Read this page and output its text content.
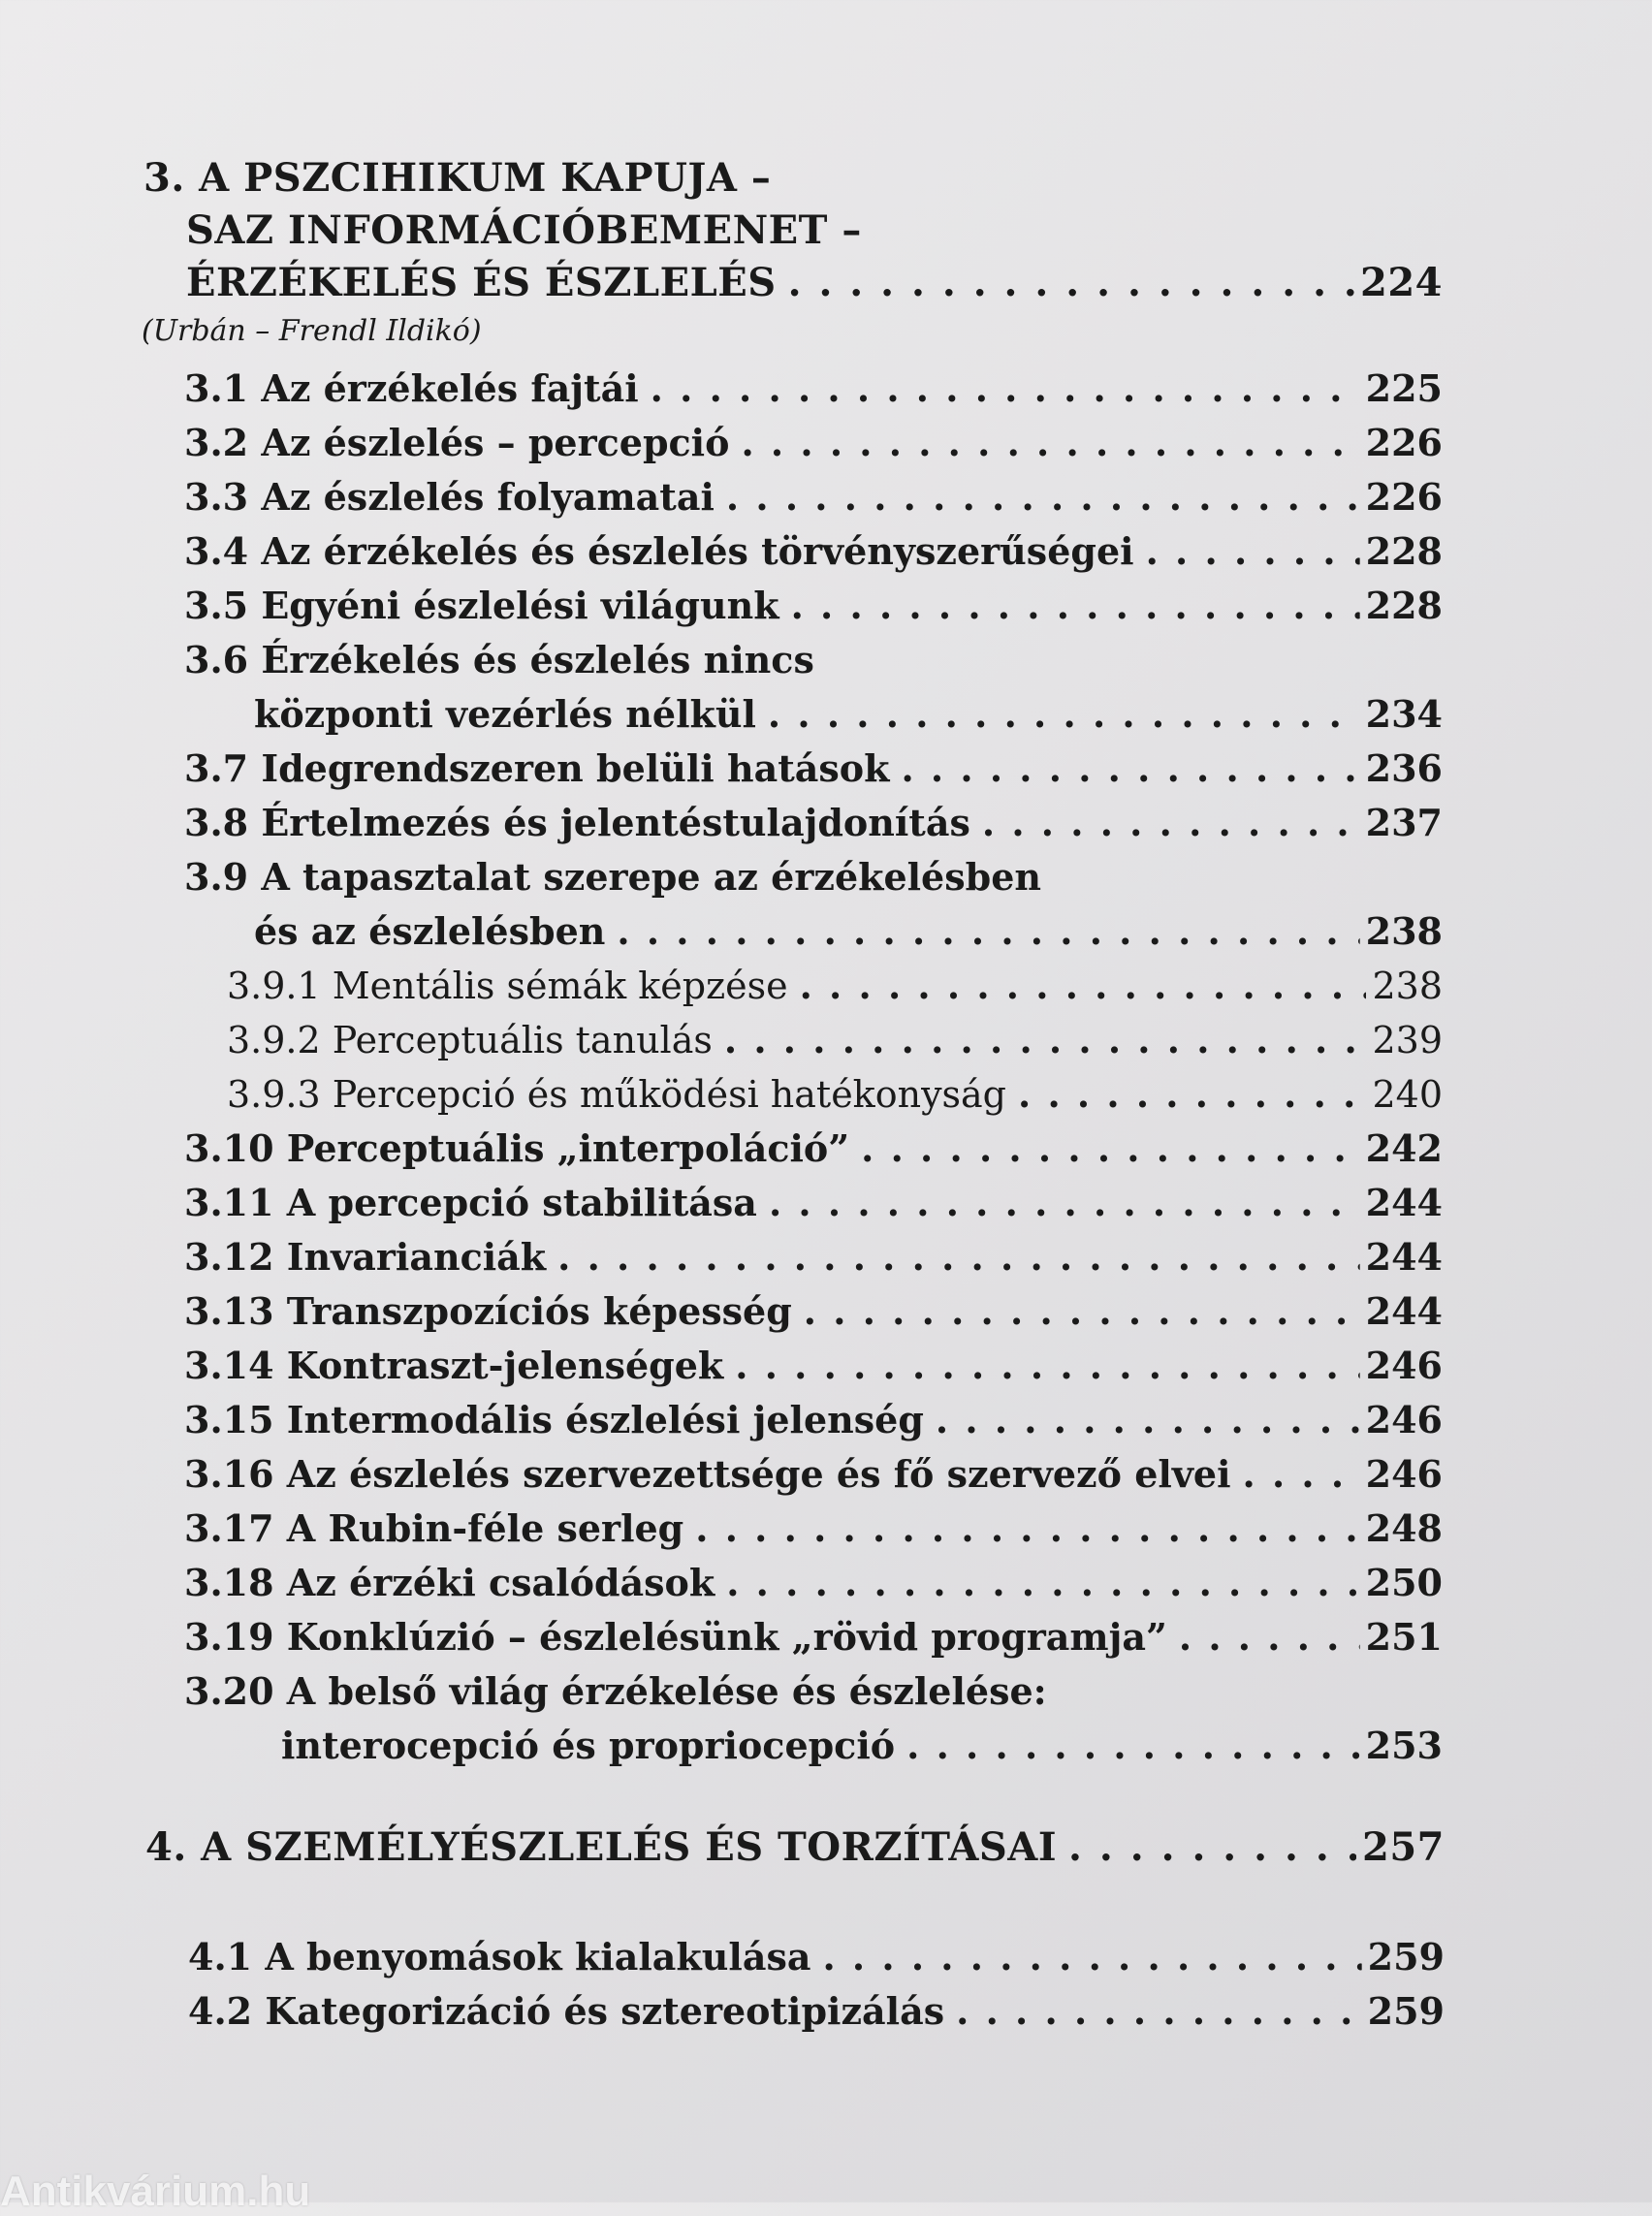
3. A PSZCIHIKUM KAPUJA –
SAZ INFORMÁCIÓBEMENET –
ÉRZÉKELÉS ÉS ÉSZLELÉS . . .	224
(Urbán – Frendl Ildikó)
3.1 Az érzékelés fajtái . . .	225
3.2 Az észlelés – percepció . . .	226
3.3 Az észlelés folyamatai . . .	226
3.4 Az érzékelés és észlelés törvényszerűségei . . .	228
3.5 Egyéni észlelési világunk . . .	228
3.6 Érzékelés és észlelés nincs
központi vezérlés nélkül . . .	234
3.7 Idegrendszeren belüli hatások . . .	236
3.8 Értelmezés és jelentéstulajdonítás . . .	237
3.9 A tapasztalat szerepe az érzékelésben
és az észlelésben . . .	238
3.9.1 Mentális sémák képzése . . .	238
3.9.2 Perceptuális tanulás . . .	239
3.9.3 Percepció és működési hatékonyság . . .	240
3.10 Perceptuális „interpoláció” . . .	242
3.11 A percepció stabilitása . . .	244
3.12 Invarianciák . . .	244
3.13 Transzpozíciós képesség . . .	244
3.14 Kontraszt-jelenségek . . .	246
3.15 Intermodális észlelési jelenség . . .	246
3.16 Az észlelés szervezettsége és fő szervező elvei . . .	246
3.17 A Rubin-féle serleg . . .	248
3.18 Az érzéki csalódások . . .	250
3.19 Konklúzió – észlelésünk „rövid programja” . . .	251
3.20 A belső világ érzékelése és észlelése:
interocepció és propriocepció . . .	253
4. A SZEMÉLYÉSZLELÉS ÉS TORZÍTÁSAI . . .	257
4.1 A benyomások kialakulása . . .	259
4.2 Kategorizáció és sztereotipizálás . . .	259
Antikvárium.hu
